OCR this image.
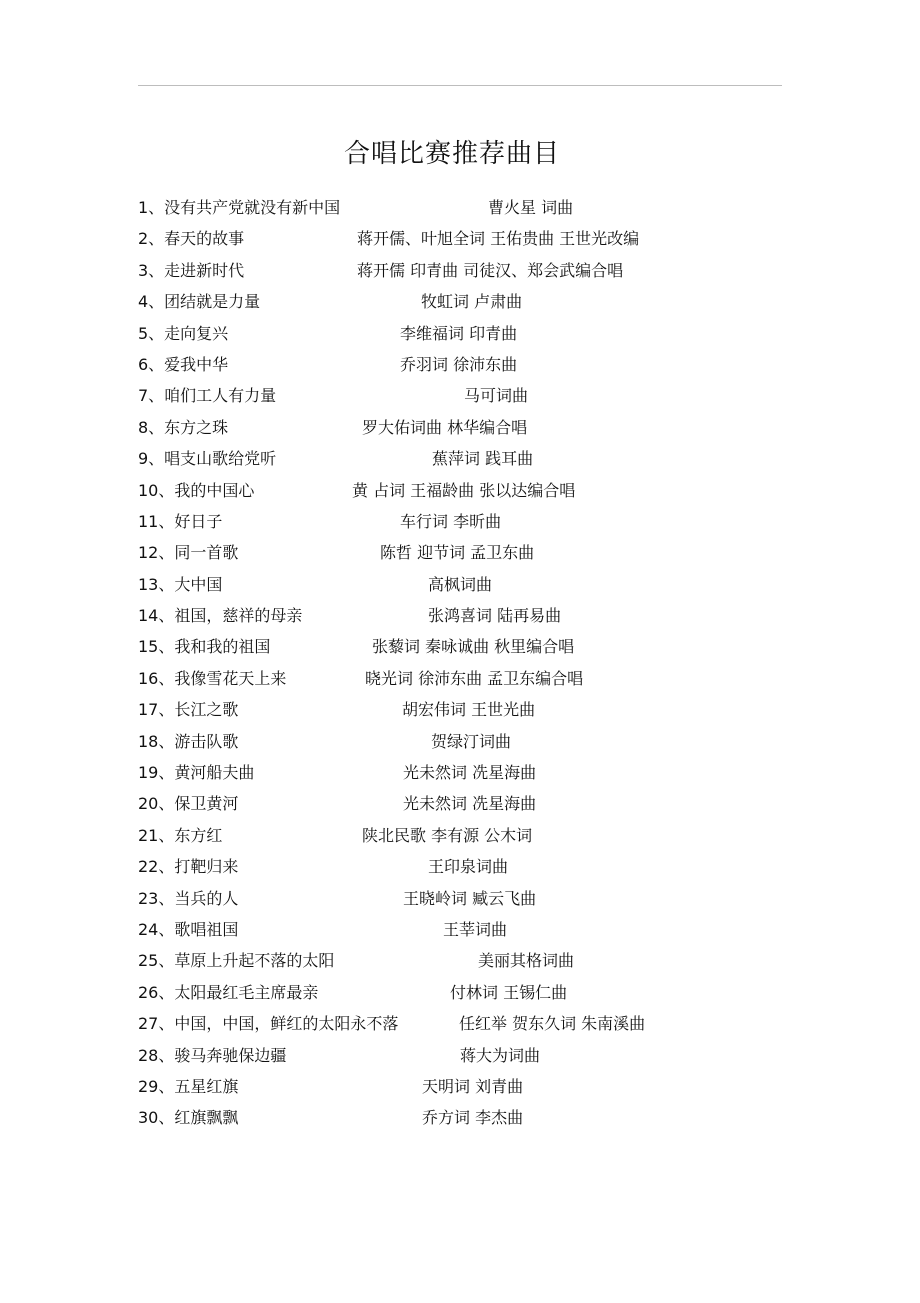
合唱比赛推荐曲目
1、没有共产党就没有新中国	曹火星 词曲
2、春天的故事	蒋开儒、叶旭全词 王佑贵曲 王世光改编
3、走进新时代	蒋开儒 印青曲 司徒汉、郑会武编合唱
4、团结就是力量	牧虹词 卢肃曲
5、走向复兴	李维福词 印青曲
6、爱我中华	乔羽词 徐沛东曲
7、咱们工人有力量	马可词曲
8、东方之珠	罗大佑词曲 林华编合唱
9、唱支山歌给党听	蕉萍词 践耳曲
10、我的中国心	黄 占词 王福龄曲 张以达编合唱
11、好日子	车行词 李昕曲
12、同一首歌	陈哲 迎节词 孟卫东曲
13、大中国	高枫词曲
14、祖国，慈祥的母亲	张鸿喜词 陆再易曲
15、我和我的祖国	张藜词 秦咏诚曲 秋里编合唱
16、我像雪花天上来	晓光词 徐沛东曲 孟卫东编合唱
17、长江之歌	胡宏伟词 王世光曲
18、游击队歌	贺绿汀词曲
19、黄河船夫曲	光未然词 冼星海曲
20、保卫黄河	光未然词 冼星海曲
21、东方红	陕北民歌 李有源 公木词
22、打靶归来	王印泉词曲
23、当兵的人	王晓岭词 臧云飞曲
24、歌唱祖国	王莘词曲
25、草原上升起不落的太阳	美丽其格词曲
26、太阳最红毛主席最亲	付林词 王锡仁曲
27、中国，中国，鲜红的太阳永不落	任红举 贺东久词 朱南溪曲
28、骏马奔驰保边疆	蒋大为词曲
29、五星红旗	天明词 刘青曲
30、红旗飘飘	乔方词 李杰曲
